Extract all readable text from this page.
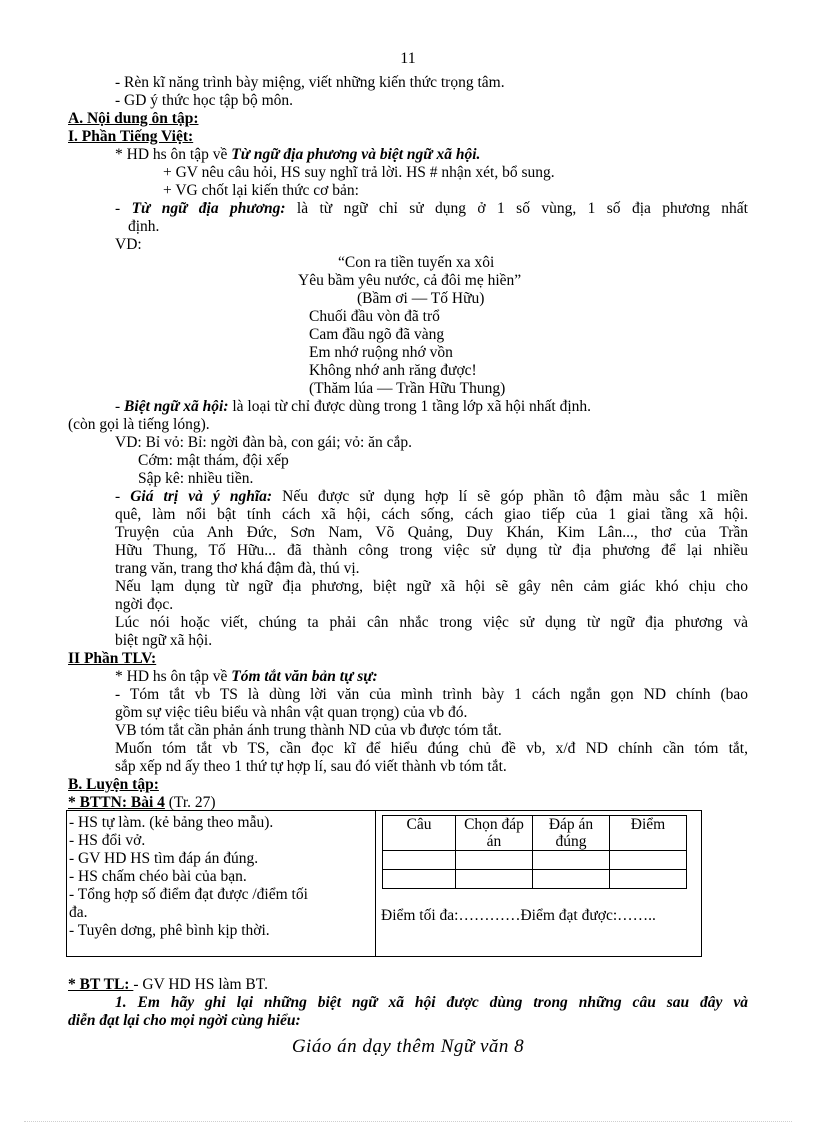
11
- Rèn kĩ năng trình bày miệng, viết những kiến thức trọng tâm.
- GD ý thức học tập bộ môn.
A. Nội dung ôn tập:
I. Phần Tiếng Việt:
* HD hs ôn tập về Từ ngữ địa phương và biệt ngữ xã hội.
+ GV nêu câu hỏi, HS suy nghĩ trả lời. HS # nhận xét, bổ sung.
+ VG chốt lại kiến thức cơ bản:
- Từ ngữ địa phương: là từ ngữ chỉ sử dụng ở 1 số vùng, 1 số địa phương nhất
định.
VD:
“Con ra tiền tuyến xa xôi
Yêu bầm yêu nước, cả đôi mẹ hiền”
(Bầm ơi — Tố Hữu)
Chuối đầu vòn đã trổ
Cam đầu ngõ đã vàng
Em nhớ ruộng nhớ vồn
Không nhớ anh răng được!
(Thăm lúa — Trần Hữu Thung)
- Biệt ngữ xã hội: là loại từ chỉ được dùng trong 1 tầng lớp xã hội nhất định.
(còn gọi là tiếng lóng).
VD: Bỉ vỏ: Bỉ: ngời đàn bà, con gái; vỏ: ăn cắp.
Cớm: mật thám, đội xếp
Sập kê: nhiều tiền.
- Giá trị và ý nghĩa: Nếu được sử dụng hợp lí sẽ góp phần tô đậm màu sắc 1 miền
quê, làm nổi bật tính cách xã hội, cách sống, cách giao tiếp của 1 giai tầng xã hội.
Truyện của Anh Đức, Sơn Nam, Võ Quảng, Duy Khán, Kim Lân..., thơ của Trần
Hữu Thung, Tố Hữu... đã thành công trong việc sử dụng từ địa phương để lại nhiều
trang văn, trang thơ khá đậm đà, thú vị.
Nếu lạm dụng từ ngữ địa phương, biệt ngữ xã hội sẽ gây nên cảm giác khó chịu cho
ngời đọc.
Lúc nói hoặc viết, chúng ta phải cân nhắc trong việc sử dụng từ ngữ địa phương và
biệt ngữ xã hội.
II Phần TLV:
* HD hs ôn tập về Tóm tắt văn bản tự sự:
- Tóm tắt vb TS là dùng lời văn của mình trình bày 1 cách ngắn gọn ND chính (bao
gồm sự việc tiêu biểu và nhân vật quan trọng) của vb đó.
VB tóm tắt cần phản ánh trung thành ND của vb được tóm tắt.
Muốn tóm tắt vb TS, cần đọc kĩ để hiểu đúng chủ đề vb, x/đ ND chính cần tóm tắt,
sắp xếp nd ấy theo 1 thứ tự hợp lí, sau đó viết thành vb tóm tắt.
B. Luyện tập:
* BTTN: Bài 4 (Tr. 27)
- HS tự làm. (kẻ bảng theo mẫu).
- HS đổi vở.
- GV HD HS tìm đáp án đúng.
- HS chấm chéo bài của bạn.
- Tổng hợp số điểm đạt được /điểm tối
đa.
- Tuyên dơng, phê bình kịp thời.
Câu	Chọn đáp án	Đáp án đúng	Điểm

Điểm tối đa:…………Điểm đạt được:……..
* BT TL: - GV HD HS làm BT.
1. Em hãy ghi lại những biệt ngữ xã hội được dùng trong những câu sau đây và
diễn đạt lại cho mọi ngời cùng hiểu:
Giáo án dạy thêm Ngữ văn 8
